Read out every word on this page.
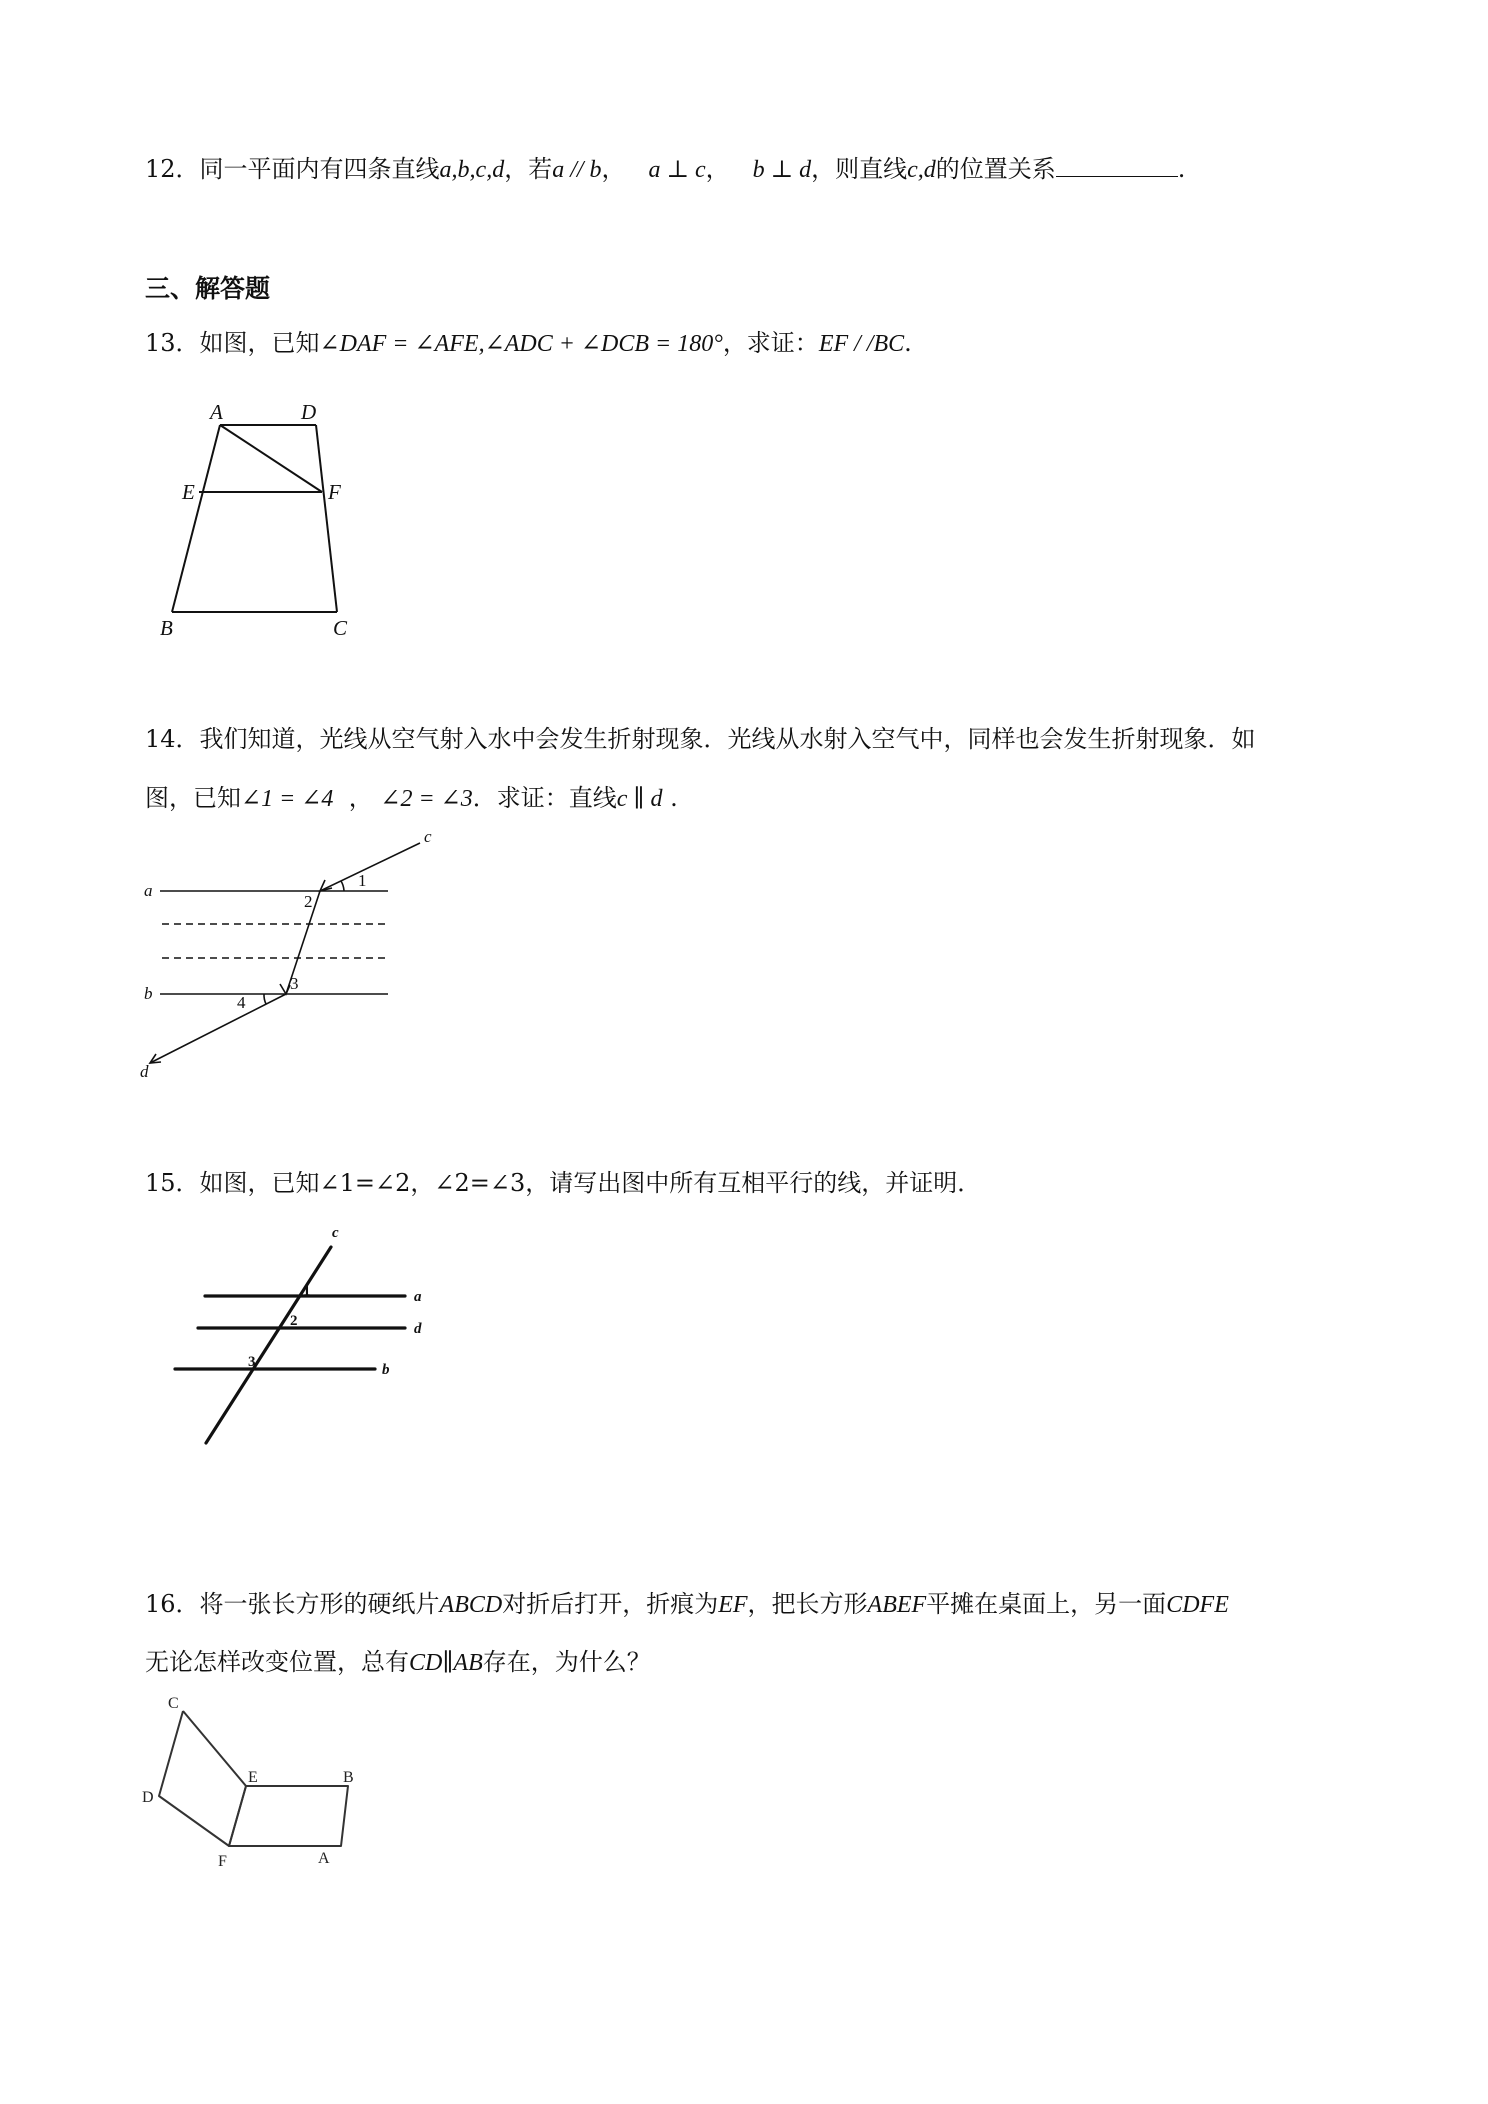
12．同一平面内有四条直线a,b,c,d，若a // b， a ⊥ c， b ⊥ d，则直线c,d的位置关系	.
三、解答题
13．如图，已知∠DAF = ∠AFE,∠ADC + ∠DCB = 180°，求证：EF / /BC.
A	D
E	F
B	C
14．我们知道，光线从空气射入水中会发生折射现象．光线从水射入空气中，同样也会发生折射现象．如
图，已知∠1 = ∠4 ， ∠2 = ∠3．求证：直线c ∥ d .
a
b
c
d
1
2
3
4
15．如图，已知∠1=∠2，∠2=∠3，请写出图中所有互相平行的线，并证明．
c
a
d
b
1
2
3
16．将一张长方形的硬纸片ABCD对折后打开，折痕为EF，把长方形ABEF平摊在桌面上，另一面CDFE
无论怎样改变位置，总有CD∥AB存在，为什么？
C
D
E	B
F	A
